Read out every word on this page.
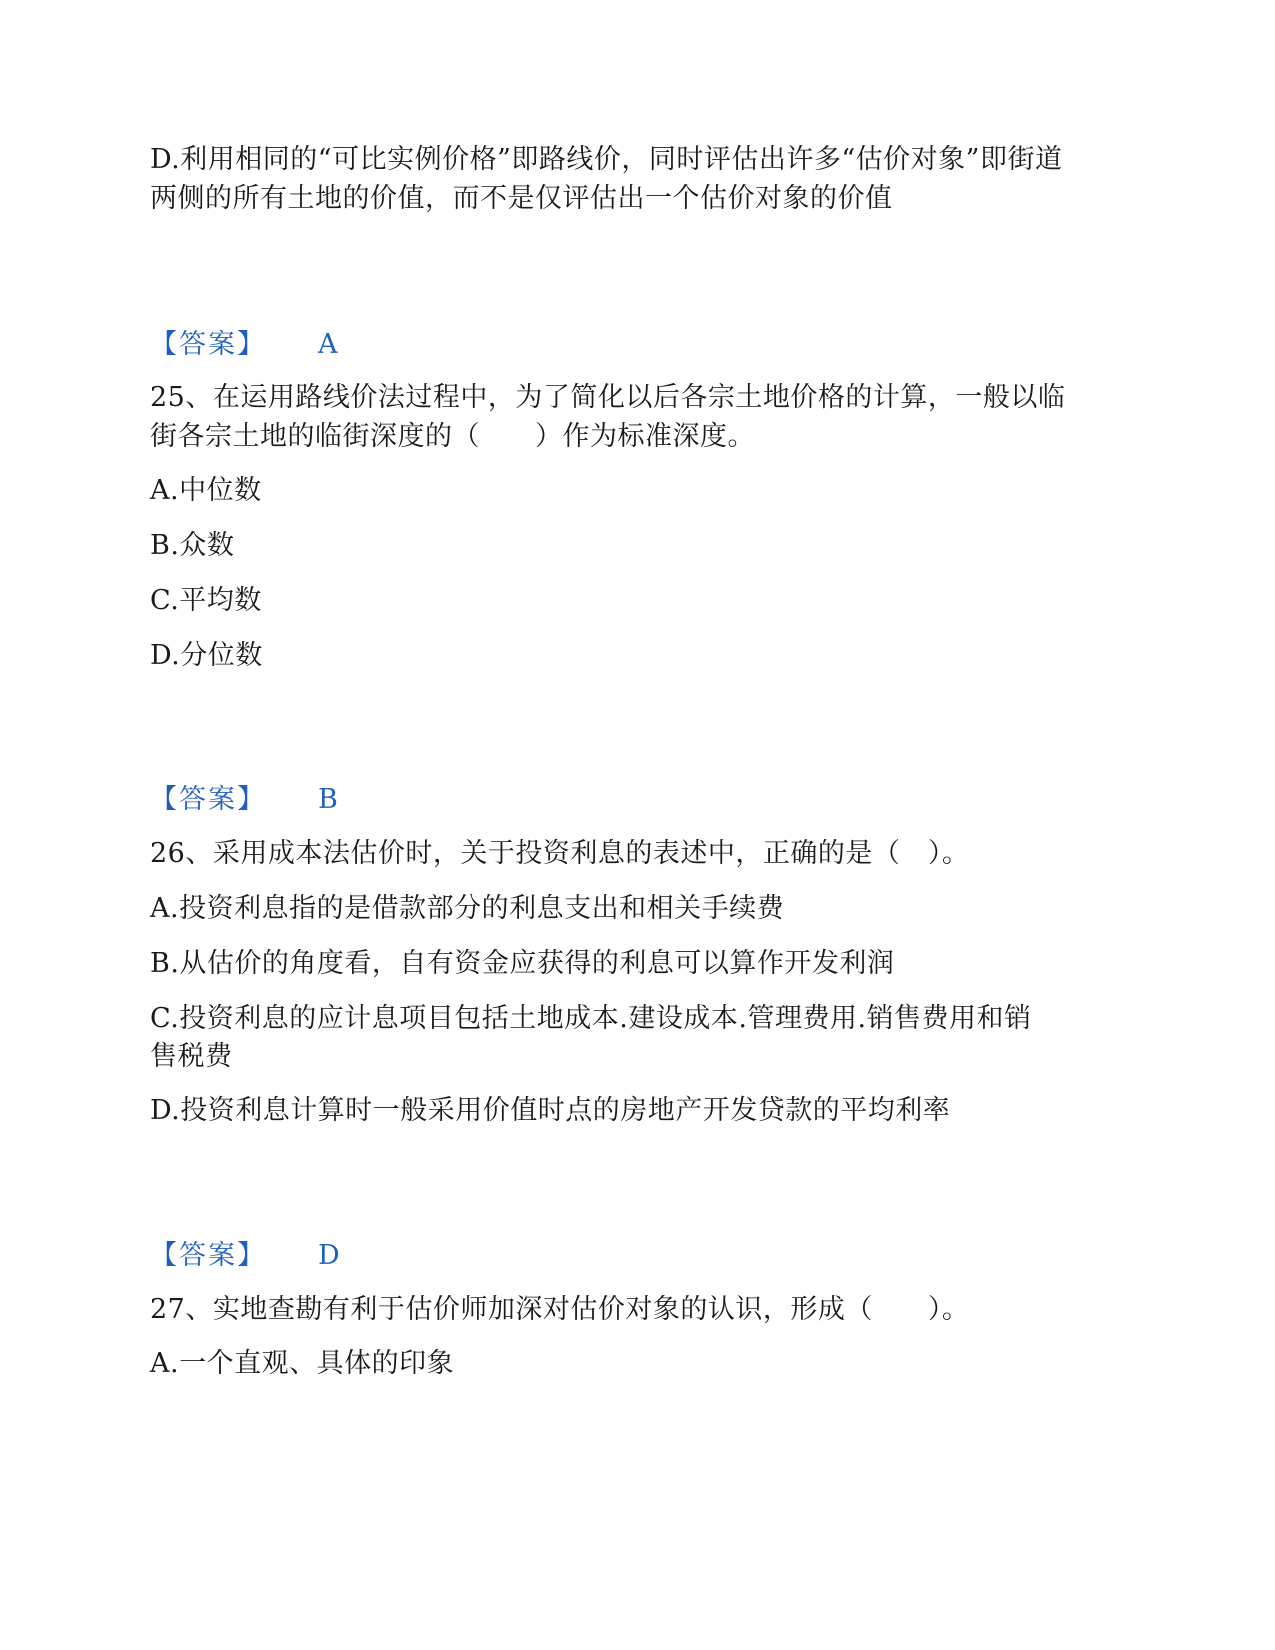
D.利用相同的“可比实例价格”即路线价，同时评估出许多“估价对象”即街道
两侧的所有土地的价值，而不是仅评估出一个估价对象的价值
【答案】 A
25、在运用路线价法过程中，为了简化以后各宗土地价格的计算，一般以临
街各宗土地的临街深度的（　　）作为标准深度。
A.中位数
B.众数
C.平均数
D.分位数
【答案】 B
26、采用成本法估价时，关于投资利息的表述中，正确的是（　）。
A.投资利息指的是借款部分的利息支出和相关手续费
B.从估价的角度看，自有资金应获得的利息可以算作开发利润
C.投资利息的应计息项目包括土地成本.建设成本.管理费用.销售费用和销
售税费
D.投资利息计算时一般采用价值时点的房地产开发贷款的平均利率
【答案】 D
27、实地查勘有利于估价师加深对估价对象的认识，形成（　　）。
A.一个直观、具体的印象
